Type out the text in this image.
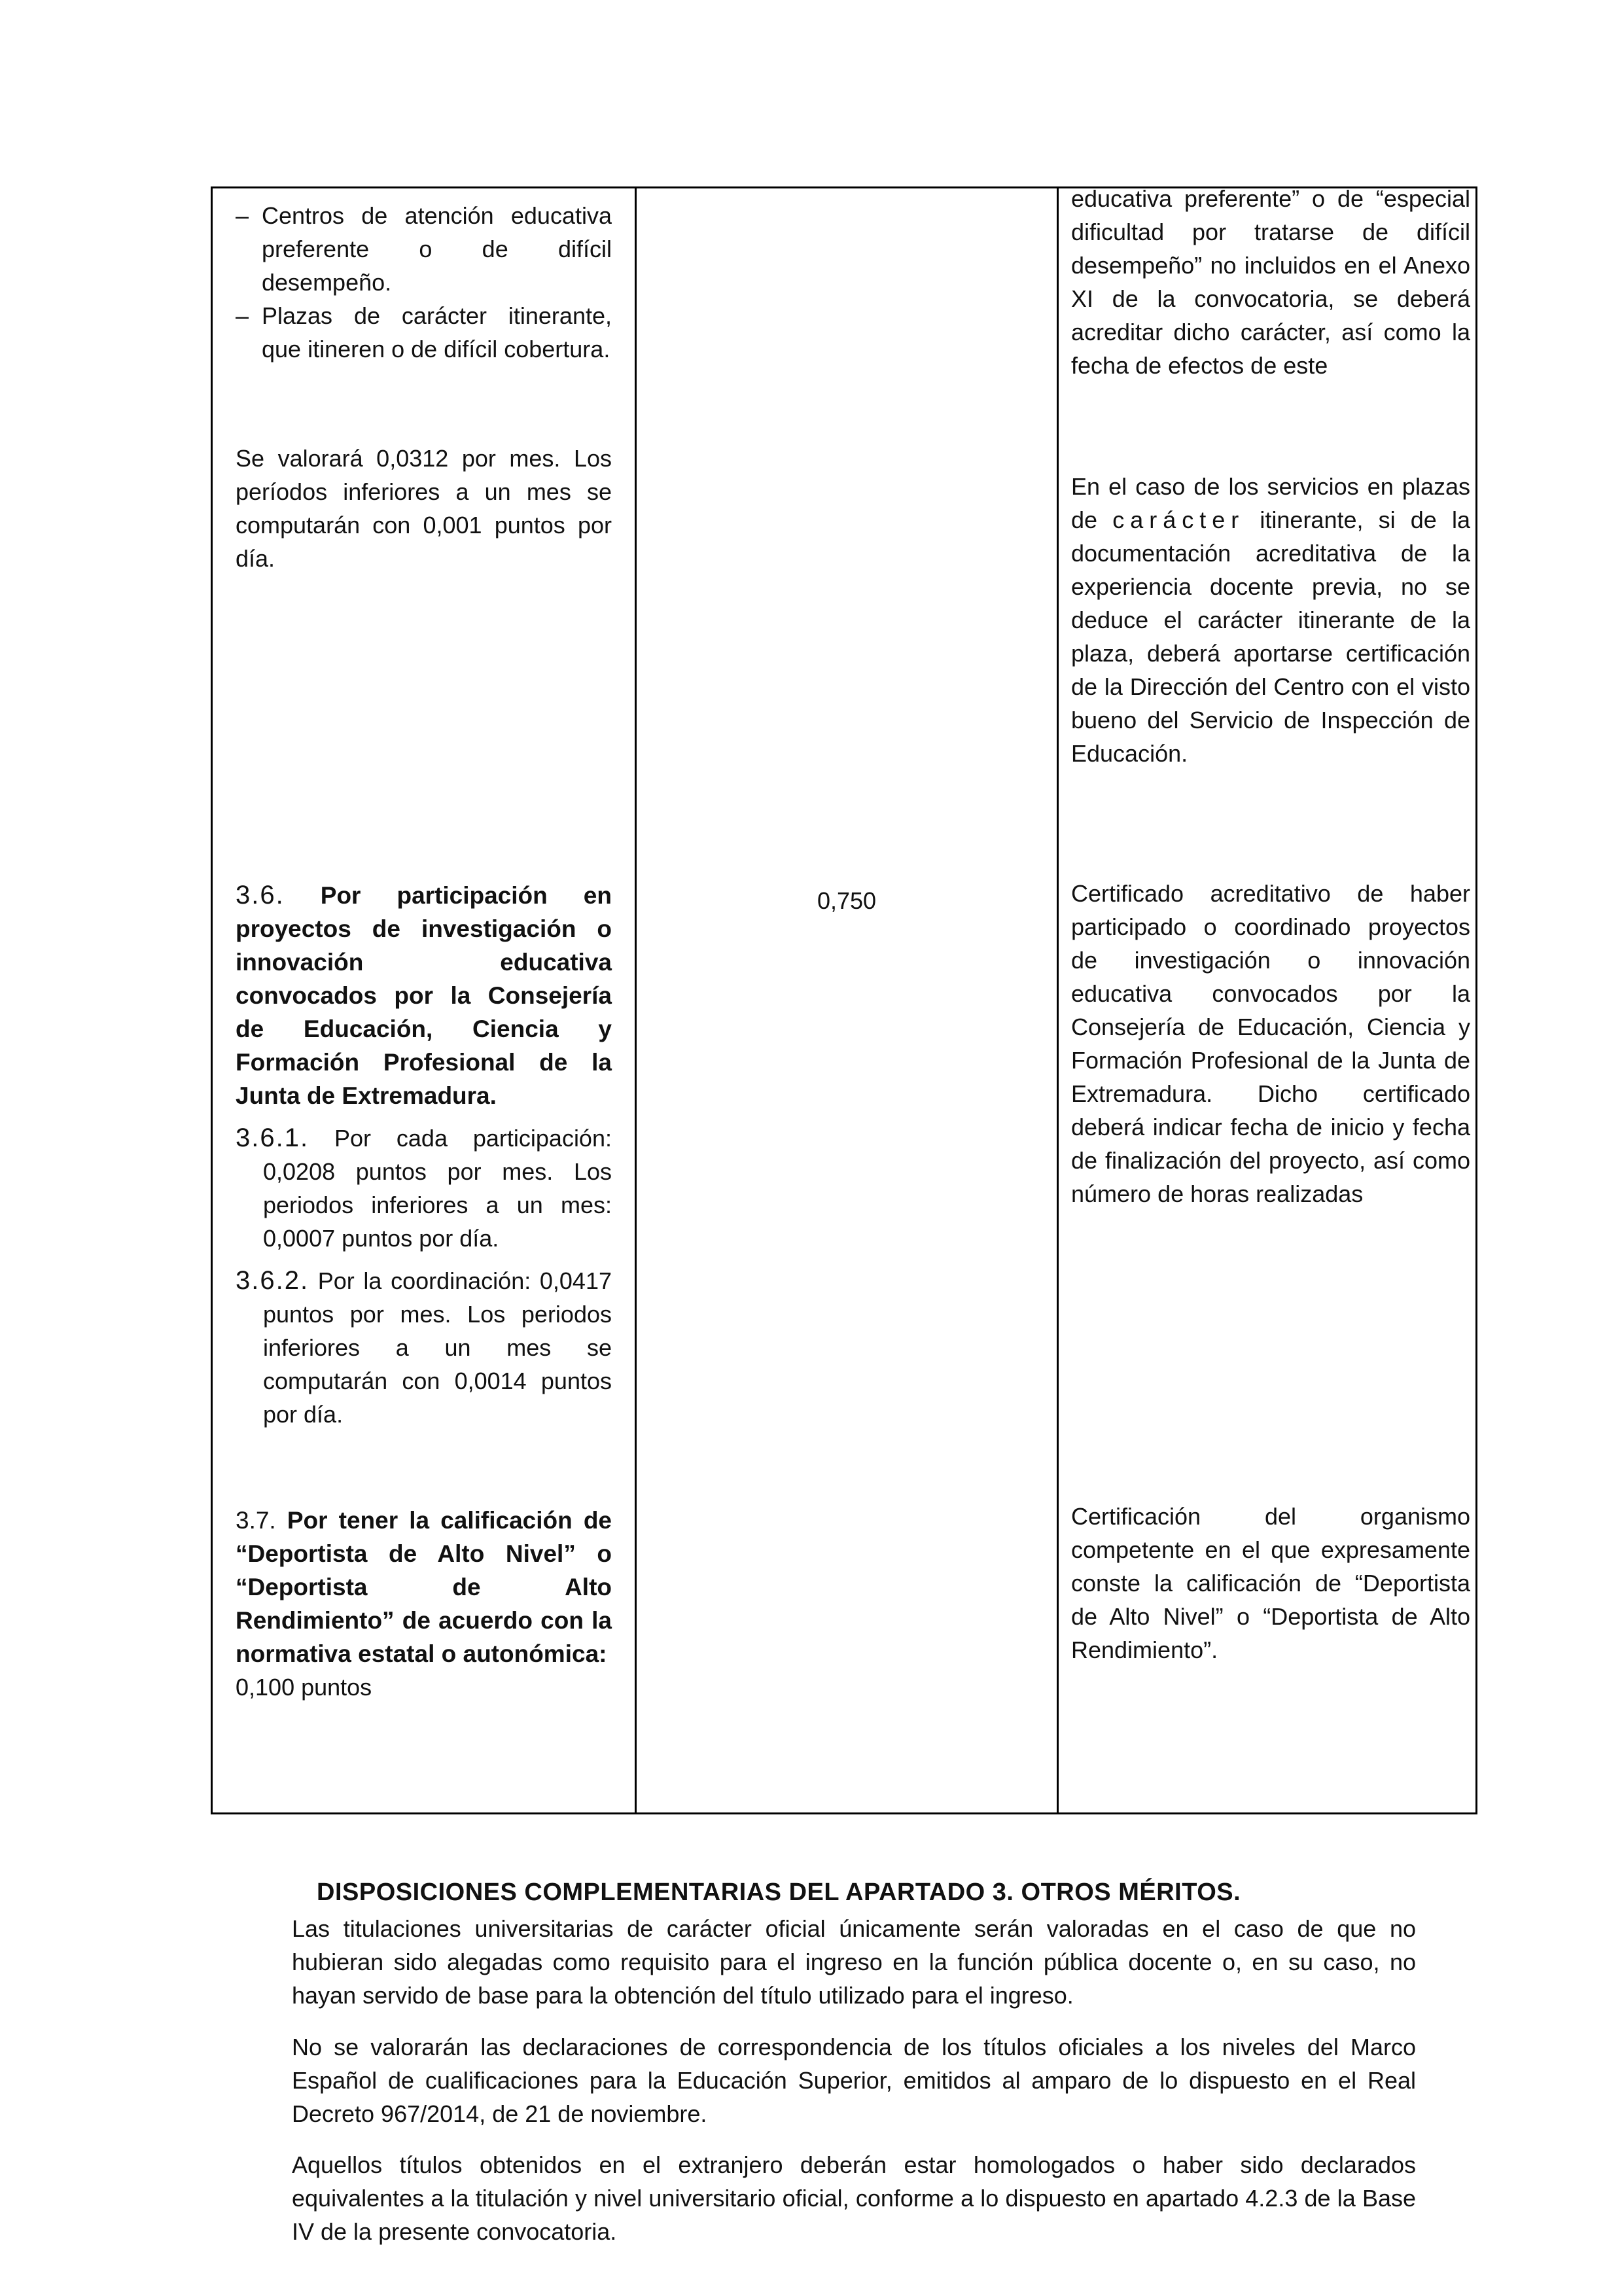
– Centros de atención educativa preferente o de difícil desempeño.

– Plazas de carácter itinerante, que itineren o de difícil cobertura.

Se valorará 0,0312 por mes. Los períodos inferiores a un mes se computarán con 0,001 puntos por día.

3.6. Por participación en proyectos de investigación o innovación educativa convocados por la Consejería de Educación, Ciencia y Formación Profesional de la Junta de Extremadura.

3.6.1. Por cada participación: 0,0208 puntos por mes. Los periodos inferiores a un mes: 0,0007 puntos por día.

3.6.2. Por la coordinación: 0,0417 puntos por mes. Los periodos inferiores a un mes se computarán con 0,0014 puntos por día.

3.7. Por tener la calificación de “Deportista de Alto Nivel” o “Deportista de Alto Rendimiento” de acuerdo con la normativa estatal o autonómica:

0,100 puntos

0,750

educativa preferente” o de “especial dificultad por tratarse de difícil desempeño” no incluidos en el Anexo XI de la convocatoria, se deberá acreditar dicho carácter, así como la fecha de efectos de este

En el caso de los servicios en plazas de carácter itinerante, si de la documentación acreditativa de la experiencia docente previa, no se deduce el carácter itinerante de la plaza, deberá aportarse certificación de la Dirección del Centro con el visto bueno del Servicio de Inspección de Educación.

Certificado acreditativo de haber participado o coordinado proyectos de investigación o innovación educativa convocados por la Consejería de Educación, Ciencia y Formación Profesional de la Junta de Extremadura. Dicho certificado deberá indicar fecha de inicio y fecha de finalización del proyecto, así como número de horas realizadas

Certificación del organismo competente en el que expresamente conste la calificación de “Deportista de Alto Nivel” o “Deportista de Alto Rendimiento”.

DISPOSICIONES COMPLEMENTARIAS DEL APARTADO 3. OTROS MÉRITOS.
Las titulaciones universitarias de carácter oficial únicamente serán valoradas en el caso de que no hubieran sido alegadas como requisito para el ingreso en la función pública docente o, en su caso, no hayan servido de base para la obtención del título utilizado para el ingreso.
No se valorarán las declaraciones de correspondencia de los títulos oficiales a los niveles del Marco Español de cualificaciones para la Educación Superior, emitidos al amparo de lo dispuesto en el Real Decreto 967/2014, de 21 de noviembre.
Aquellos títulos obtenidos en el extranjero deberán estar homologados o haber sido declarados equivalentes a la titulación y nivel universitario oficial, conforme a lo dispuesto en apartado 4.2.3 de la Base IV de la presente convocatoria.
